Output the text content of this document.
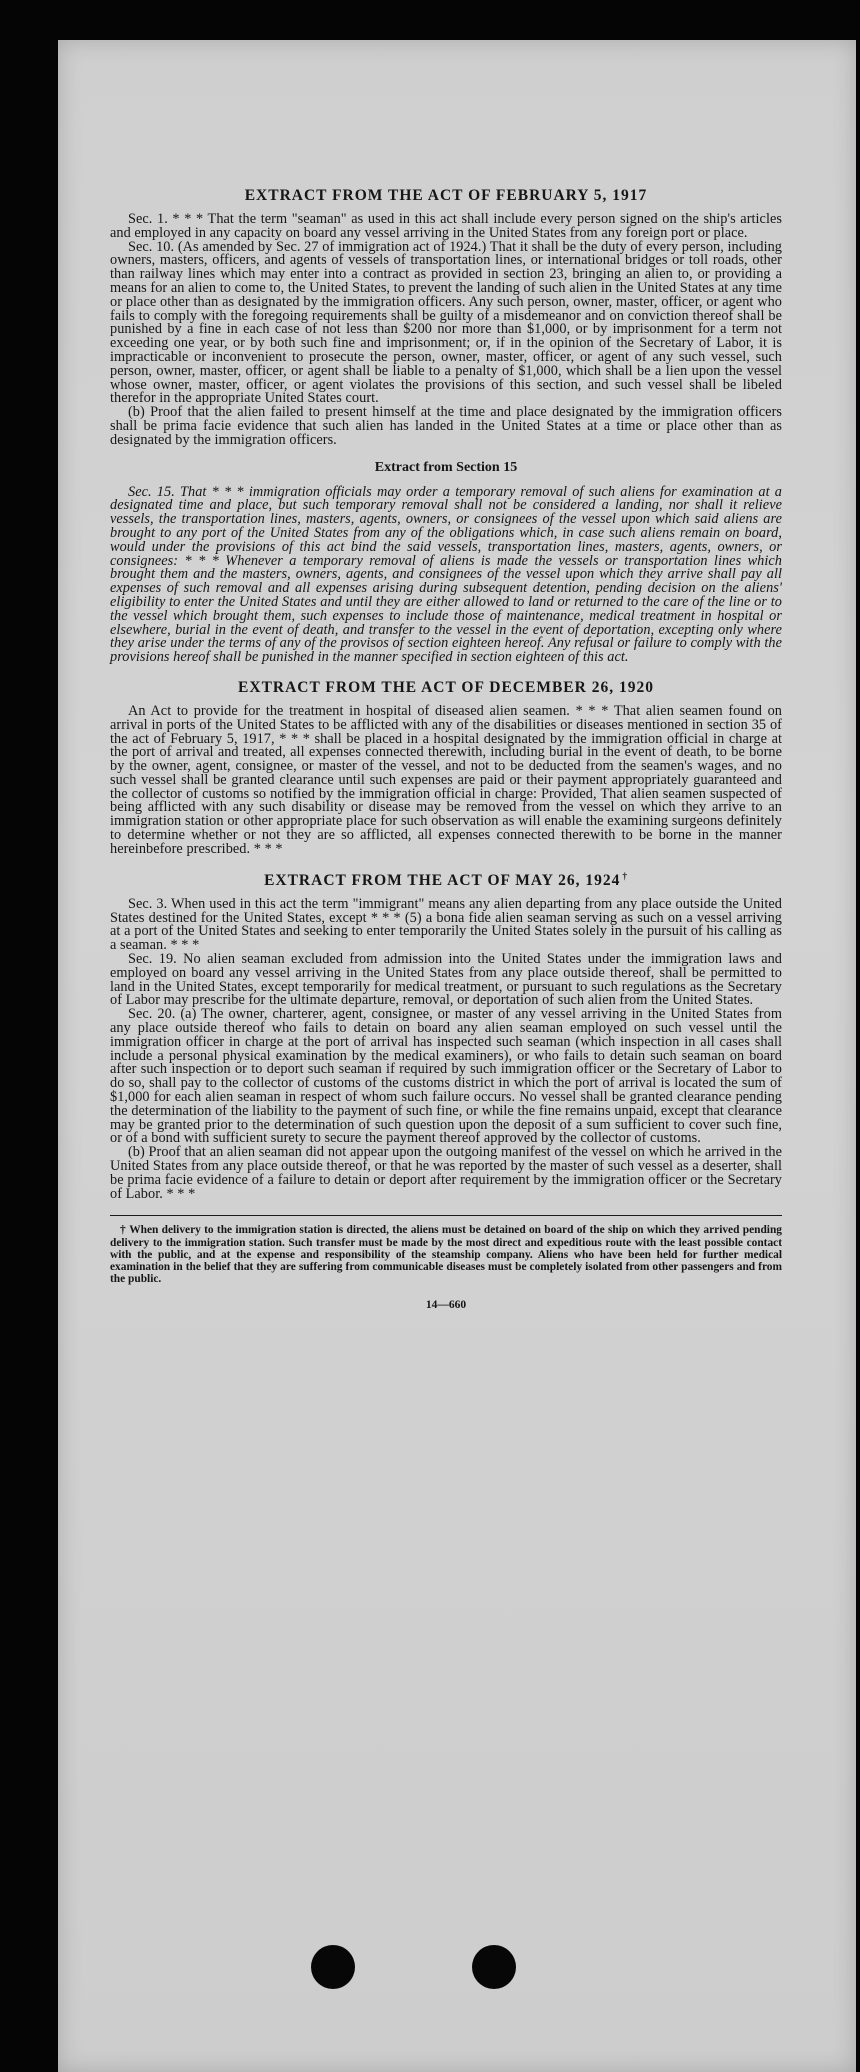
EXTRACT FROM THE ACT OF FEBRUARY 5, 1917

Sec. 1. * * * That the term "seaman" as used in this act shall include every person signed on the ship's articles and employed in any capacity on board any vessel arriving in the United States from any foreign port or place.

Sec. 10. (As amended by Sec. 27 of immigration act of 1924.) That it shall be the duty of every person, including owners, masters, officers, and agents of vessels of transportation lines, or international bridges or toll roads, other than railway lines which may enter into a contract as provided in section 23, bringing an alien to, or providing a means for an alien to come to, the United States, to prevent the landing of such alien in the United States at any time or place other than as designated by the immigration officers. Any such person, owner, master, officer, or agent who fails to comply with the foregoing requirements shall be guilty of a misdemeanor and on conviction thereof shall be punished by a fine in each case of not less than $200 nor more than $1,000, or by imprisonment for a term not exceeding one year, or by both such fine and imprisonment; or, if in the opinion of the Secretary of Labor, it is impracticable or inconvenient to prosecute the person, owner, master, officer, or agent of any such vessel, such person, owner, master, officer, or agent shall be liable to a penalty of $1,000, which shall be a lien upon the vessel whose owner, master, officer, or agent violates the provisions of this section, and such vessel shall be libeled therefor in the appropriate United States court.

(b) Proof that the alien failed to present himself at the time and place designated by the immigration officers shall be prima facie evidence that such alien has landed in the United States at a time or place other than as designated by the immigration officers.

Extract from Section 15

Sec. 15. That * * * immigration officials may order a temporary removal of such aliens for examination at a designated time and place, but such temporary removal shall not be considered a landing, nor shall it relieve vessels, the transportation lines, masters, agents, owners, or consignees of the vessel upon which said aliens are brought to any port of the United States from any of the obligations which, in case such aliens remain on board, would under the provisions of this act bind the said vessels, transportation lines, masters, agents, owners, or consignees: * * * Whenever a temporary removal of aliens is made the vessels or transportation lines which brought them and the masters, owners, agents, and consignees of the vessel upon which they arrive shall pay all expenses of such removal and all expenses arising during subsequent detention, pending decision on the aliens' eligibility to enter the United States and until they are either allowed to land or returned to the care of the line or to the vessel which brought them, such expenses to include those of maintenance, medical treatment in hospital or elsewhere, burial in the event of death, and transfer to the vessel in the event of deportation, excepting only where they arise under the terms of any of the provisos of section eighteen hereof. Any refusal or failure to comply with the provisions hereof shall be punished in the manner specified in section eighteen of this act.

EXTRACT FROM THE ACT OF DECEMBER 26, 1920

An Act to provide for the treatment in hospital of diseased alien seamen. * * * That alien seamen found on arrival in ports of the United States to be afflicted with any of the disabilities or diseases mentioned in section 35 of the act of February 5, 1917, * * * shall be placed in a hospital designated by the immigration official in charge at the port of arrival and treated, all expenses connected therewith, including burial in the event of death, to be borne by the owner, agent, consignee, or master of the vessel, and not to be deducted from the seamen's wages, and no such vessel shall be granted clearance until such expenses are paid or their payment appropriately guaranteed and the collector of customs so notified by the immigration official in charge: Provided, That alien seamen suspected of being afflicted with any such disability or disease may be removed from the vessel on which they arrive to an immigration station or other appropriate place for such observation as will enable the examining surgeons definitely to determine whether or not they are so afflicted, all expenses connected therewith to be borne in the manner hereinbefore prescribed. * * *

EXTRACT FROM THE ACT OF MAY 26, 1924 †

Sec. 3. When used in this act the term "immigrant" means any alien departing from any place outside the United States destined for the United States, except * * * (5) a bona fide alien seaman serving as such on a vessel arriving at a port of the United States and seeking to enter temporarily the United States solely in the pursuit of his calling as a seaman. * * *

Sec. 19. No alien seaman excluded from admission into the United States under the immigration laws and employed on board any vessel arriving in the United States from any place outside thereof, shall be permitted to land in the United States, except temporarily for medical treatment, or pursuant to such regulations as the Secretary of Labor may prescribe for the ultimate departure, removal, or deportation of such alien from the United States.

Sec. 20. (a) The owner, charterer, agent, consignee, or master of any vessel arriving in the United States from any place outside thereof who fails to detain on board any alien seaman employed on such vessel until the immigration officer in charge at the port of arrival has inspected such seaman (which inspection in all cases shall include a personal physical examination by the medical examiners), or who fails to detain such seaman on board after such inspection or to deport such seaman if required by such immigration officer or the Secretary of Labor to do so, shall pay to the collector of customs of the customs district in which the port of arrival is located the sum of $1,000 for each alien seaman in respect of whom such failure occurs. No vessel shall be granted clearance pending the determination of the liability to the payment of such fine, or while the fine remains unpaid, except that clearance may be granted prior to the determination of such question upon the deposit of a sum sufficient to cover such fine, or of a bond with sufficient surety to secure the payment thereof approved by the collector of customs.

(b) Proof that an alien seaman did not appear upon the outgoing manifest of the vessel on which he arrived in the United States from any place outside thereof, or that he was reported by the master of such vessel as a deserter, shall be prima facie evidence of a failure to detain or deport after requirement by the immigration officer or the Secretary of Labor. * * *

† When delivery to the immigration station is directed, the aliens must be detained on board of the ship on which they arrived pending delivery to the immigration station. Such transfer must be made by the most direct and expeditious route with the least possible contact with the public, and at the expense and responsibility of the steamship company. Aliens who have been held for further medical examination in the belief that they are suffering from communicable diseases must be completely isolated from other passengers and from the public.

14—660
